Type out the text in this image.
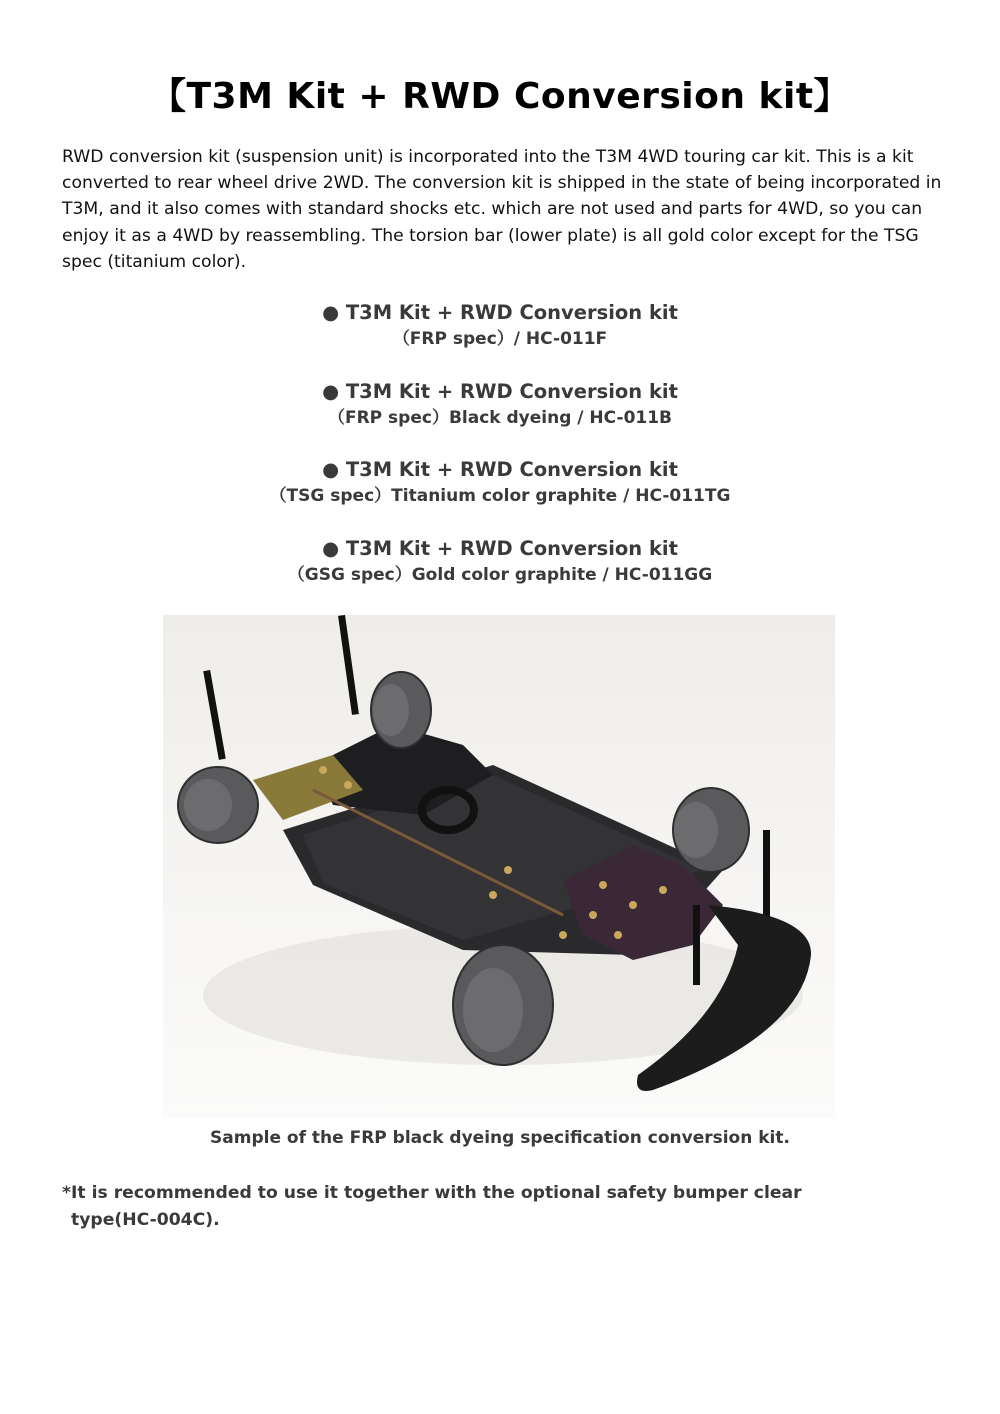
【T3M Kit + RWD Conversion kit】
RWD conversion kit (suspension unit) is incorporated into the T3M 4WD touring car kit. This is a kit converted to rear wheel drive 2WD. The conversion kit is shipped in the state of being incorporated in T3M, and it also comes with standard shocks etc. which are not used and parts for 4WD, so you can enjoy it as a 4WD by reassembling. The torsion bar (lower plate) is all gold color except for the TSG spec (titanium color).
● T3M Kit + RWD Conversion kit
（FRP spec）/ HC-011F
● T3M Kit + RWD Conversion kit
（FRP spec）Black dyeing / HC-011B
● T3M Kit + RWD Conversion kit
（TSG spec）Titanium color graphite / HC-011TG
● T3M Kit + RWD Conversion kit
（GSG spec）Gold color graphite / HC-011GG
Sample of the FRP black dyeing specification conversion kit.
*It is recommended to use it together with the optional safety bumper clear
type(HC-004C).
